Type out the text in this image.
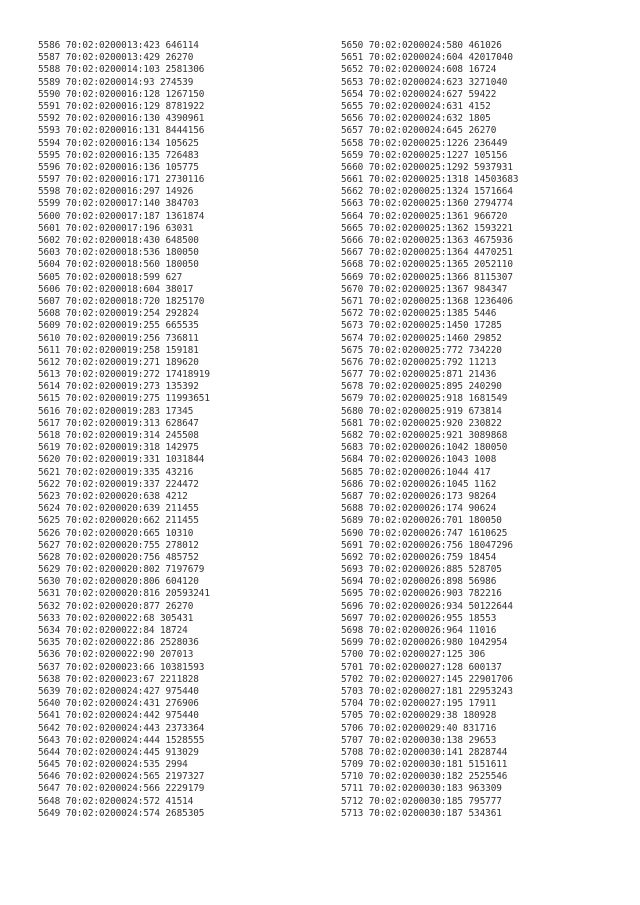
5586 70:02:0200013:423 646114
5587 70:02:0200013:429 26270
5588 70:02:0200014:103 2581306
5589 70:02:0200014:93 274539
5590 70:02:0200016:128 1267150
5591 70:02:0200016:129 8781922
5592 70:02:0200016:130 4390961
5593 70:02:0200016:131 8444156
5594 70:02:0200016:134 105625
5595 70:02:0200016:135 726483
5596 70:02:0200016:136 105775
5597 70:02:0200016:171 2730116
5598 70:02:0200016:297 14926
5599 70:02:0200017:140 384703
5600 70:02:0200017:187 1361874
5601 70:02:0200017:196 63031
5602 70:02:0200018:430 648500
5603 70:02:0200018:536 180050
5604 70:02:0200018:560 180050
5605 70:02:0200018:599 627
5606 70:02:0200018:604 38017
5607 70:02:0200018:720 1825170
5608 70:02:0200019:254 292824
5609 70:02:0200019:255 665535
5610 70:02:0200019:256 736811
5611 70:02:0200019:258 159181
5612 70:02:0200019:271 189620
5613 70:02:0200019:272 17418919
5614 70:02:0200019:273 135392
5615 70:02:0200019:275 11993651
5616 70:02:0200019:283 17345
5617 70:02:0200019:313 628647
5618 70:02:0200019:314 245508
5619 70:02:0200019:318 142975
5620 70:02:0200019:331 1031844
5621 70:02:0200019:335 43216
5622 70:02:0200019:337 224472
5623 70:02:0200020:638 4212
5624 70:02:0200020:639 211455
5625 70:02:0200020:662 211455
5626 70:02:0200020:665 10310
5627 70:02:0200020:755 278012
5628 70:02:0200020:756 485752
5629 70:02:0200020:802 7197679
5630 70:02:0200020:806 604120
5631 70:02:0200020:816 20593241
5632 70:02:0200020:877 26270
5633 70:02:0200022:68 305431
5634 70:02:0200022:84 18724
5635 70:02:0200022:86 2528036
5636 70:02:0200022:90 207013
5637 70:02:0200023:66 10381593
5638 70:02:0200023:67 2211828
5639 70:02:0200024:427 975440
5640 70:02:0200024:431 276906
5641 70:02:0200024:442 975440
5642 70:02:0200024:443 2373364
5643 70:02:0200024:444 1528555
5644 70:02:0200024:445 913029
5645 70:02:0200024:535 2994
5646 70:02:0200024:565 2197327
5647 70:02:0200024:566 2229179
5648 70:02:0200024:572 41514
5649 70:02:0200024:574 2685305
5650 70:02:0200024:580 461026
5651 70:02:0200024:604 42017040
5652 70:02:0200024:608 16724
5653 70:02:0200024:623 3271040
5654 70:02:0200024:627 59422
5655 70:02:0200024:631 4152
5656 70:02:0200024:632 1805
5657 70:02:0200024:645 26270
5658 70:02:0200025:1226 236449
5659 70:02:0200025:1227 105156
5660 70:02:0200025:1292 5937931
5661 70:02:0200025:1318 14503683
5662 70:02:0200025:1324 1571664
5663 70:02:0200025:1360 2794774
5664 70:02:0200025:1361 966720
5665 70:02:0200025:1362 1593221
5666 70:02:0200025:1363 4675936
5667 70:02:0200025:1364 4470251
5668 70:02:0200025:1365 2052110
5669 70:02:0200025:1366 8115307
5670 70:02:0200025:1367 984347
5671 70:02:0200025:1368 1236406
5672 70:02:0200025:1385 5446
5673 70:02:0200025:1450 17285
5674 70:02:0200025:1460 29852
5675 70:02:0200025:772 734220
5676 70:02:0200025:792 11213
5677 70:02:0200025:871 21436
5678 70:02:0200025:895 240290
5679 70:02:0200025:918 1681549
5680 70:02:0200025:919 673814
5681 70:02:0200025:920 230822
5682 70:02:0200025:921 3089868
5683 70:02:0200026:1042 180050
5684 70:02:0200026:1043 1008
5685 70:02:0200026:1044 417
5686 70:02:0200026:1045 1162
5687 70:02:0200026:173 98264
5688 70:02:0200026:174 90624
5689 70:02:0200026:701 180050
5690 70:02:0200026:747 1610625
5691 70:02:0200026:756 18047296
5692 70:02:0200026:759 18454
5693 70:02:0200026:885 528705
5694 70:02:0200026:898 56986
5695 70:02:0200026:903 782216
5696 70:02:0200026:934 50122644
5697 70:02:0200026:955 18553
5698 70:02:0200026:964 11016
5699 70:02:0200026:980 1042954
5700 70:02:0200027:125 306
5701 70:02:0200027:128 600137
5702 70:02:0200027:145 22901706
5703 70:02:0200027:181 22953243
5704 70:02:0200027:195 17911
5705 70:02:0200029:38 180928
5706 70:02:0200029:40 831716
5707 70:02:0200030:138 29653
5708 70:02:0200030:141 2828744
5709 70:02:0200030:181 5151611
5710 70:02:0200030:182 2525546
5711 70:02:0200030:183 963309
5712 70:02:0200030:185 795777
5713 70:02:0200030:187 534361
